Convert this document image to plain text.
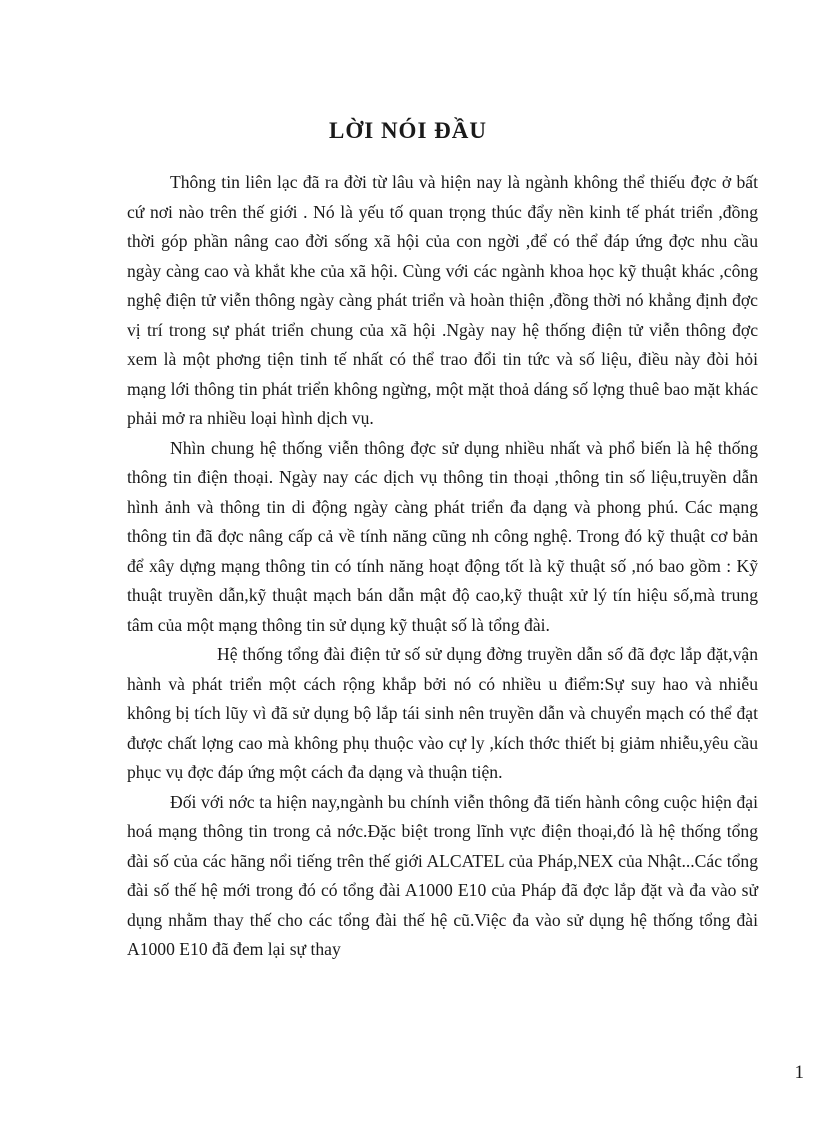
LỜI NÓI ĐẦU

Thông tin liên lạc đã ra đời từ lâu và hiện nay là ngành không thể thiếu đợc ở bất cứ nơi nào trên thế giới . Nó là yếu tố quan trọng thúc đẩy nền kinh tế phát triển ,đồng thời góp phần nâng cao đời sống xã hội của con ngời ,để có thể đáp ứng đợc nhu cầu ngày càng cao và khắt khe của xã hội. Cùng với các ngành khoa học kỹ thuật khác ,công nghệ điện tử viễn thông ngày càng phát triển và hoàn thiện ,đồng thời nó khẳng định đợc vị trí trong sự phát triển chung của xã hội .Ngày nay hệ thống điện tử viễn thông đợc xem là một phơng tiện tinh tế nhất có thể trao đổi tin tức và số liệu, điều này đòi hỏi mạng lới thông tin phát triển không ngừng, một mặt thoả dáng số lợng thuê bao mặt khác phải mở ra nhiều loại hình dịch vụ.

Nhìn chung hệ thống viễn thông đợc sử dụng nhiều nhất và phổ biến là hệ thống thông tin điện thoại. Ngày nay các dịch vụ thông tin thoại ,thông tin số liệu,truyền dẫn hình ảnh và thông tin di động ngày càng phát triển đa dạng và phong phú. Các mạng thông tin đã đợc nâng cấp cả về tính năng cũng nh công nghệ. Trong đó kỹ thuật cơ bản để xây dựng mạng thông tin có tính năng hoạt động tốt là kỹ thuật số ,nó bao gồm : Kỹ thuật truyền dẫn,kỹ thuật mạch bán dẫn mật độ cao,kỹ thuật xử lý tín hiệu số,mà trung tâm của một mạng thông tin sử dụng kỹ thuật số là tổng đài.

Hệ thống tổng đài điện tử số sử dụng đờng truyền dẫn số đã đợc lắp đặt,vận hành và phát triển một cách rộng khắp bởi nó có nhiều u điểm:Sự suy hao và nhiễu không bị tích lũy vì đã sử dụng bộ lắp tái sinh nên truyền dẫn và chuyển mạch có thể đạt được chất lợng cao mà không phụ thuộc vào cự ly ,kích thớc thiết bị giảm nhiễu,yêu cầu phục vụ đợc đáp ứng một cách đa dạng và thuận tiện.

Đối với nớc ta hiện nay,ngành bu chính viễn thông đã tiến hành công cuộc hiện đại hoá mạng thông tin trong cả nớc.Đặc biệt trong lĩnh vực điện thoại,đó là hệ thống tổng đài số của các hãng nổi tiếng trên thế giới ALCATEL của Pháp,NEX của Nhật...Các tổng đài số thế hệ mới trong đó có tổng đài A1000 E10 của Pháp đã đợc lắp đặt và đa vào sử dụng nhằm thay thế cho các tổng đài thế hệ cũ.Việc đa vào sử dụng hệ thống tổng đài A1000 E10 đã đem lại sự thay

1
